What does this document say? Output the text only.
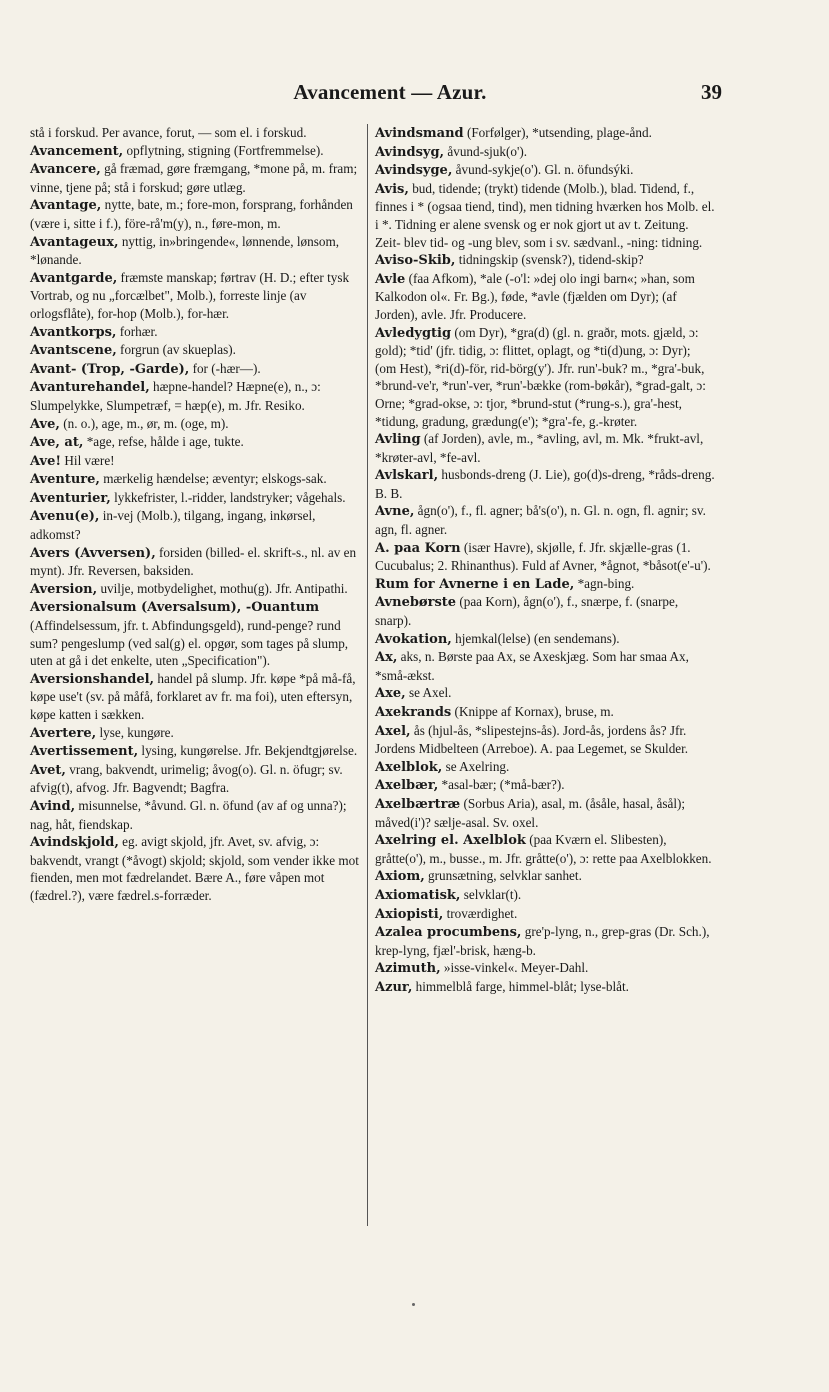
Avancement — Azur.	39

stå i forskud. Per avance, forut, — som el. i forskud.

Avancement, opflytning, stigning (Fortfremmelse).

Avancere, gå fræmad, gøre fræmgang, *mone på, m. fram; vinne, tjene på; stå i forskud; gøre utlæg.

Avantage, nytte, bate, m.; fore-mon, forsprang, forhånden (være i, sitte i f.), före-rå'm(y), n., føre-mon, m.

Avantageux, nyttig, in»bringende«, lønnende, lønsom, *lønande.

Avantgarde, fræmste manskap; førtrav (H. D.; efter tysk Vortrab, og nu „forcælbet", Molb.), forreste linje (av orlogsflåte), for-hop (Molb.), for-hær.

Avantkorps, forhær.

Avantscene, forgrun (av skueplas).

Avant- (Trop, -Garde), for (-hær—).

Avanturehandel, hæpne-handel? Hæpne(e), n., ɔ: Slumpelykke, Slumpetræf, = hæp(e), m. Jfr. Resiko.

Ave, (n. o.), age, m., ør, m. (oge, m).

Ave, at, *age, refse, hålde i age, tukte.

Ave! Hil være!

Aventure, mærkelig hændelse; æventyr; elskogs-sak.

Aventurier, lykkefrister, l.-ridder, landstryker; vågehals.

Avenu(e), in-vej (Molb.), tilgang, ingang, inkørsel, adkomst?

Avers (Avversen), forsiden (billed- el. skrift-s., nl. av en mynt). Jfr. Reversen, baksiden.

Aversion, uvilje, motbydelighet, mothu(g). Jfr. Antipathi.

Aversionalsum (Aversalsum), -Ouantum (Affindelsessum, jfr. t. Abfindungsgeld), rund-penge? rund sum? pengeslump (ved sal(g) el. opgør, som tages på slump, uten at gå i det enkelte, uten „Specification").

Aversionshandel, handel på slump. Jfr. køpe *på må-få, køpe use't (sv. på måfå, forklaret av fr. ma foi), uten eftersyn, køpe katten i sækken.

Avertere, lyse, kungøre.

Avertissement, lysing, kungørelse. Jfr. Bekjendtgjørelse.

Avet, vrang, bakvendt, urimelig; åvog(o). Gl. n. öfugr; sv. afvig(t), afvog. Jfr. Bagvendt; Bagfra.

Avind, misunnelse, *åvund. Gl. n. öfund (av af og unna?); nag, håt, fiendskap.

Avindskjold, eg. avigt skjold, jfr. Avet, sv. afvig, ɔ: bakvendt, vrangt (*åvogt) skjold; skjold, som vender ikke mot fienden, men mot fædrelandet. Bære A., føre våpen mot (fædrel.?), være fædrel.s-forræder.

Avindsmand (Forfølger), *utsending, plage-ånd.

Avindsyg, åvund-sjuk(o').

Avindsyge, åvund-sykje(o'). Gl. n. öfundsýki.

Avis, bud, tidende; (trykt) tidende (Molb.), blad. Tidend, f., finnes i * (ogsaa tiend, tind), men tidning hværken hos Molb. el. i *. Tidning er alene svensk og er nok gjort ut av t. Zeitung. Zeit- blev tid- og -ung blev, som i sv. sædvanl., -ning: tidning.

Aviso-Skib, tidningskip (svensk?), tidend-skip?

Avle (faa Afkom), *ale (-o'l: »dej olo ingi barn«; »han, som Kalkodon ol«. Fr. Bg.), føde, *avle (fjælden om Dyr); (af Jorden), avle. Jfr. Producere.

Avledygtig (om Dyr), *gra(d) (gl. n. graðr, mots. gjæld, ɔ: gold); *tid' (jfr. tidig, ɔ: flittet, oplagt, og *ti(d)ung, ɔ: Dyr); (om Hest), *ri(d)-för, rid-börg(y'). Jfr. run'-buk? m., *gra'-buk, *brund-ve'r, *run'-ver, *run'-bække (rom-bøkår), *grad-galt, ɔ: Orne; *grad-okse, ɔ: tjor, *brund-stut (*rung-s.), gra'-hest, *tidung, gradung, grædung(e'); *gra'-fe, g.-krøter.

Avling (af Jorden), avle, m., *avling, avl, m. Mk. *frukt-avl, *krøter-avl, *fe-avl.

Avlskarl, husbonds-dreng (J. Lie), go(d)s-dreng, *råds-dreng. B. B.

Avne, ågn(o'), f., fl. agner; bå's(o'), n. Gl. n. ogn, fl. agnir; sv. agn, fl. agner.

A. paa Korn (især Havre), skjølle, f. Jfr. skjælle-gras (1. Cucubalus; 2. Rhinanthus). Fuld af Avner, *ågnot, *båsot(e'-u').

Rum for Avnerne i en Lade, *agn-bing.

Avnebørste (paa Korn), ågn(o'), f., snærpe, f. (snarpe, snarp).

Avokation, hjemkal(lelse) (en sendemans).

Ax, aks, n. Børste paa Ax, se Axeskjæg. Som har smaa Ax, *små-ækst.

Axe, se Axel.

Axekrands (Knippe af Kornax), bruse, m.

Axel, ås (hjul-ås, *slipestejns-ås). Jord-ås, jordens ås? Jfr. Jordens Midbelteen (Arreboe). A. paa Legemet, se Skulder.

Axelblok, se Axelring.

Axelbær, *asal-bær; (*må-bær?).

Axelbærtræ (Sorbus Aria), asal, m. (åsåle, hasal, åsål); måved(i')? sælje-asal. Sv. oxel.

Axelring el. Axelblok (paa Kværn el. Slibesten), gråtte(o'), m., busse., m. Jfr. gråtte(o'), ɔ: rette paa Axelblokken.

Axiom, grunsætning, selvklar sanhet.

Axiomatisk, selvklar(t).

Axiopisti, troværdighet.

Azalea procumbens, gre'p-lyng, n., grep-gras (Dr. Sch.), krep-lyng, fjæl'-brisk, hæng-b.

Azimuth, »isse-vinkel«. Meyer-Dahl.

Azur, himmelblå farge, himmel-blåt; lyse-blåt.
